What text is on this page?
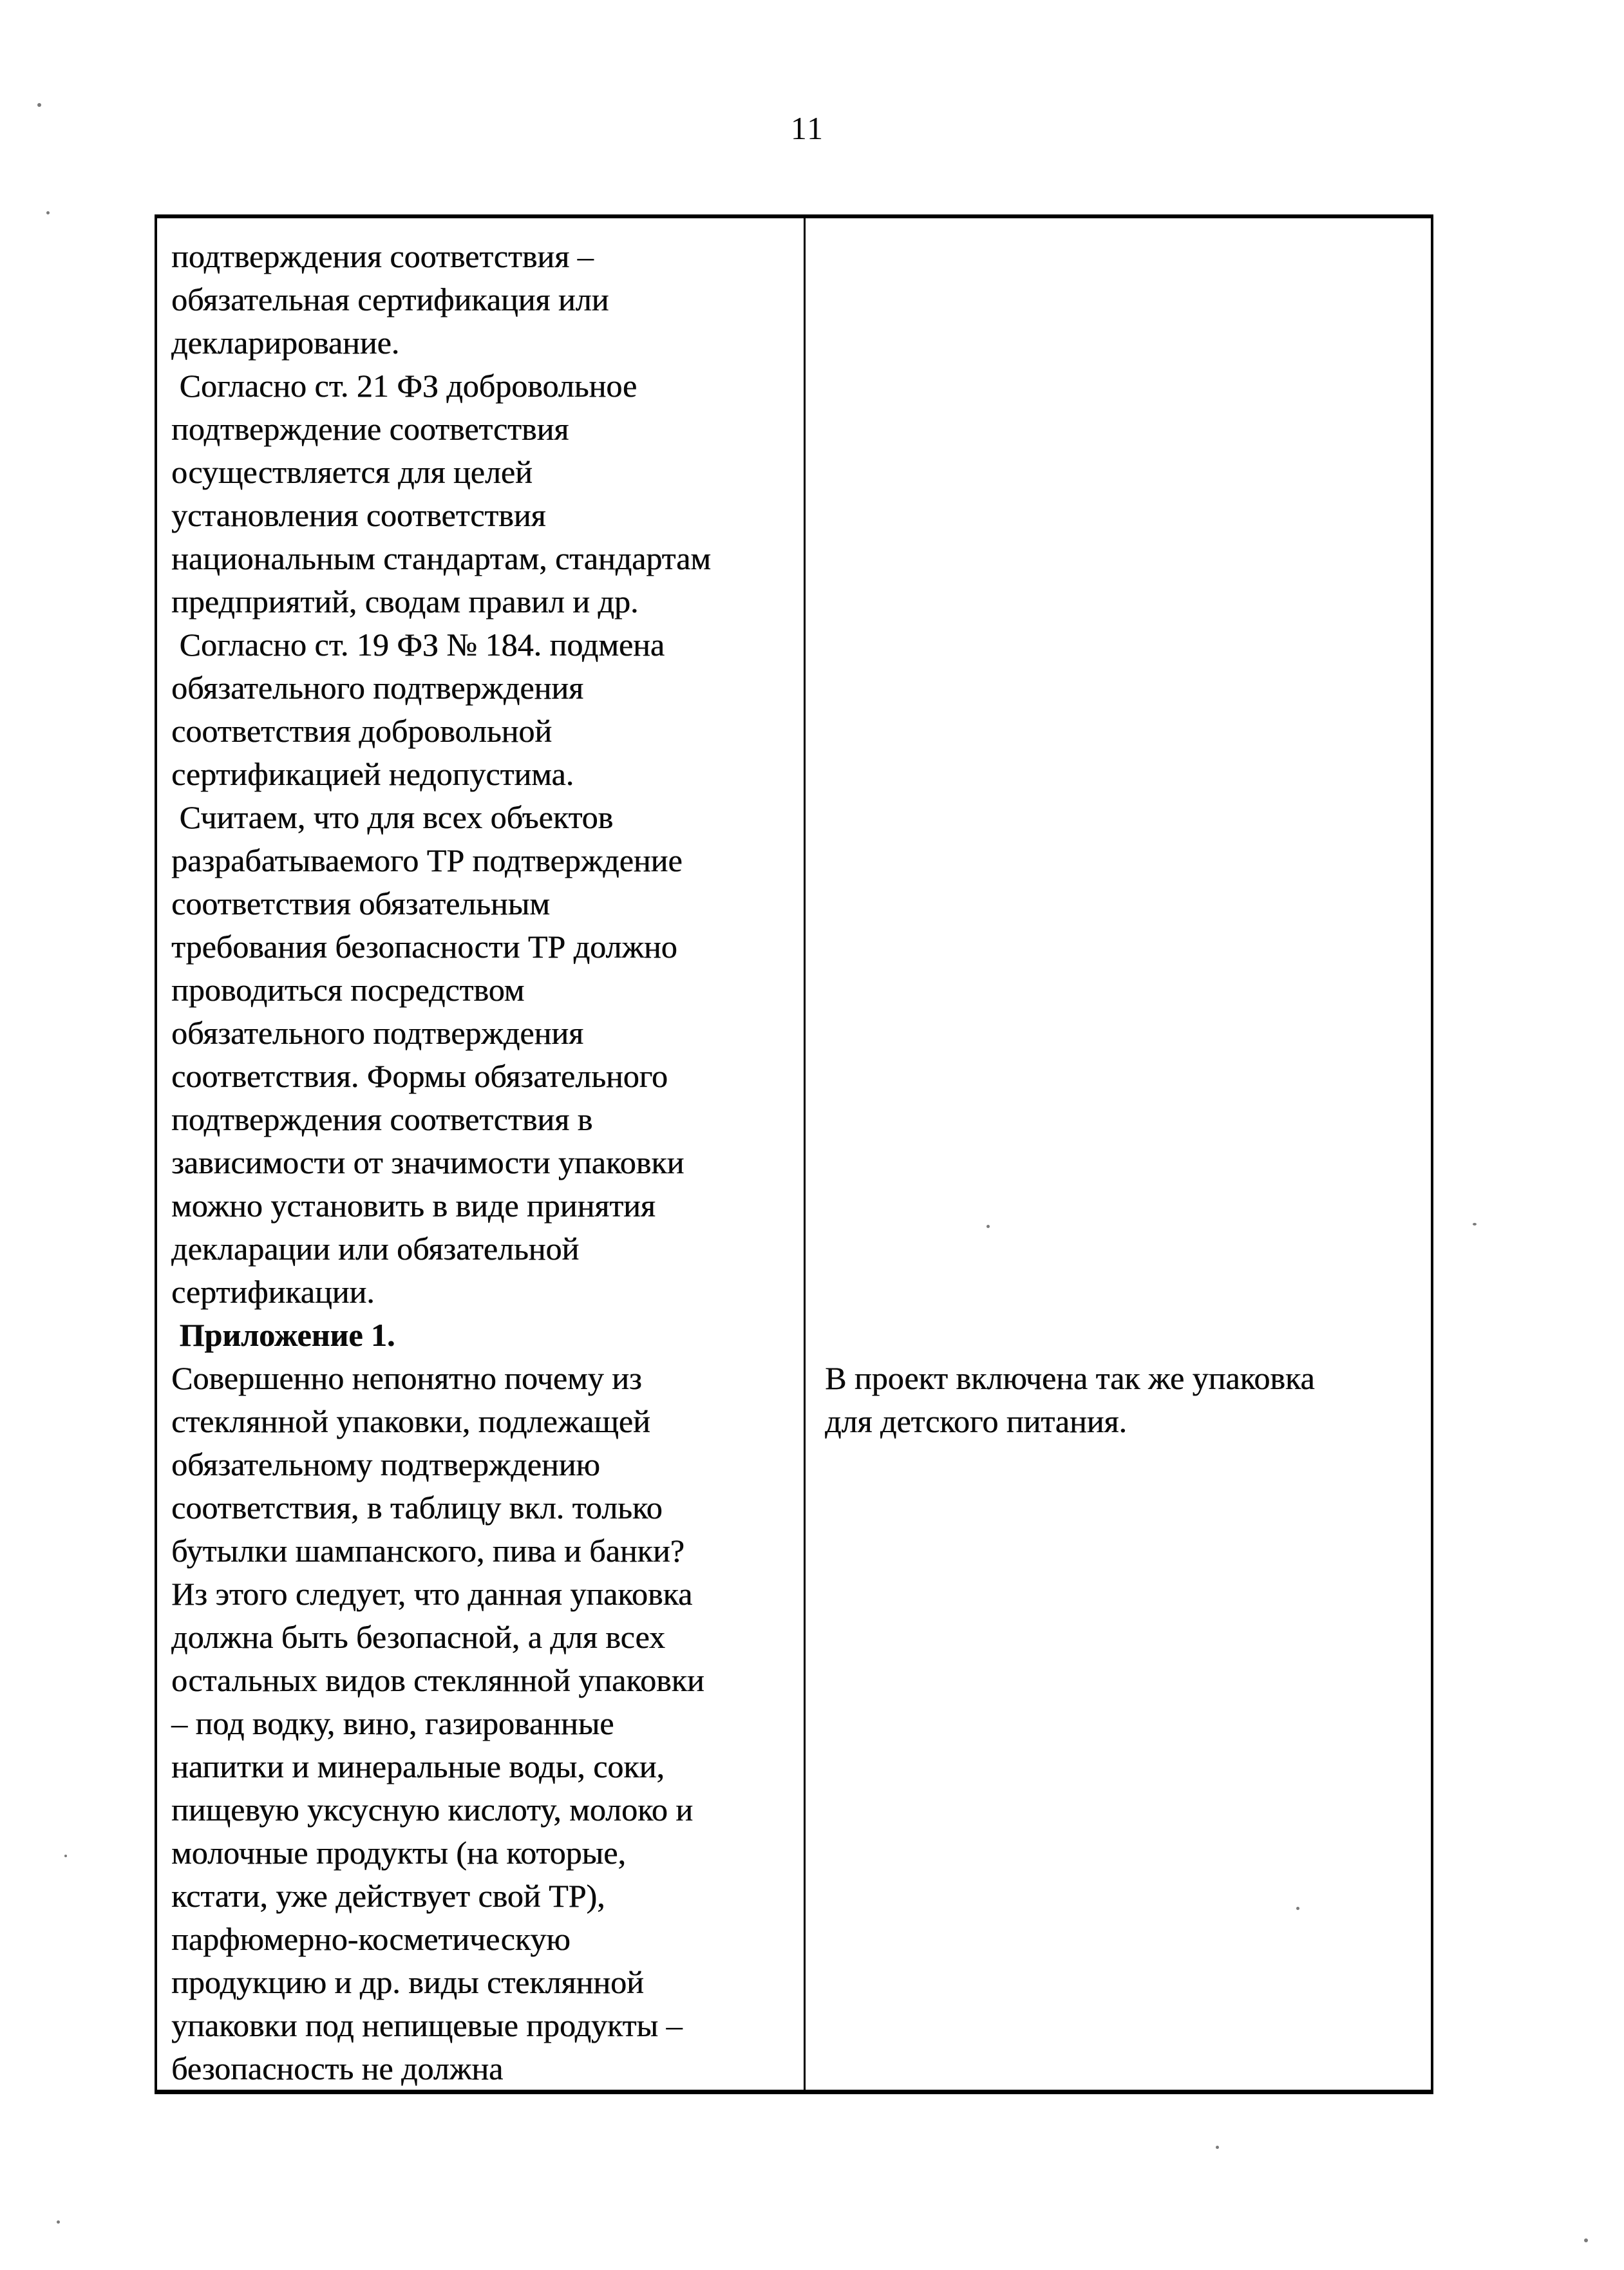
11
подтверждения соответствия –
обязательная сертификация или
декларирование.
Согласно ст. 21 ФЗ добровольное
подтверждение соответствия
осуществляется для целей
установления соответствия
национальным стандартам, стандартам
предприятий, сводам правил и др.
Согласно ст. 19 ФЗ № 184. подмена
обязательного подтверждения
соответствия добровольной
сертификацией недопустима.
Считаем, что для всех объектов
разрабатываемого ТР подтверждение
соответствия обязательным
требования безопасности ТР должно
проводиться посредством
обязательного подтверждения
соответствия. Формы обязательного
подтверждения соответствия в
зависимости от значимости упаковки
можно установить в виде принятия
декларации или обязательной
сертификации.
Приложение 1.
Совершенно непонятно почему из
стеклянной упаковки, подлежащей
обязательному подтверждению
соответствия, в таблицу вкл. только
бутылки шампанского, пива и банки?
Из этого следует, что данная упаковка
должна быть безопасной, а для всех
остальных видов стеклянной упаковки
– под водку, вино, газированные
напитки и минеральные воды, соки,
пищевую уксусную кислоту, молоко и
молочные продукты (на которые,
кстати, уже действует свой ТР),
парфюмерно-косметическую
продукцию и др. виды стеклянной
упаковки под непищевые продукты –
безопасность не должна
В проект включена так же упаковка
для детского питания.
